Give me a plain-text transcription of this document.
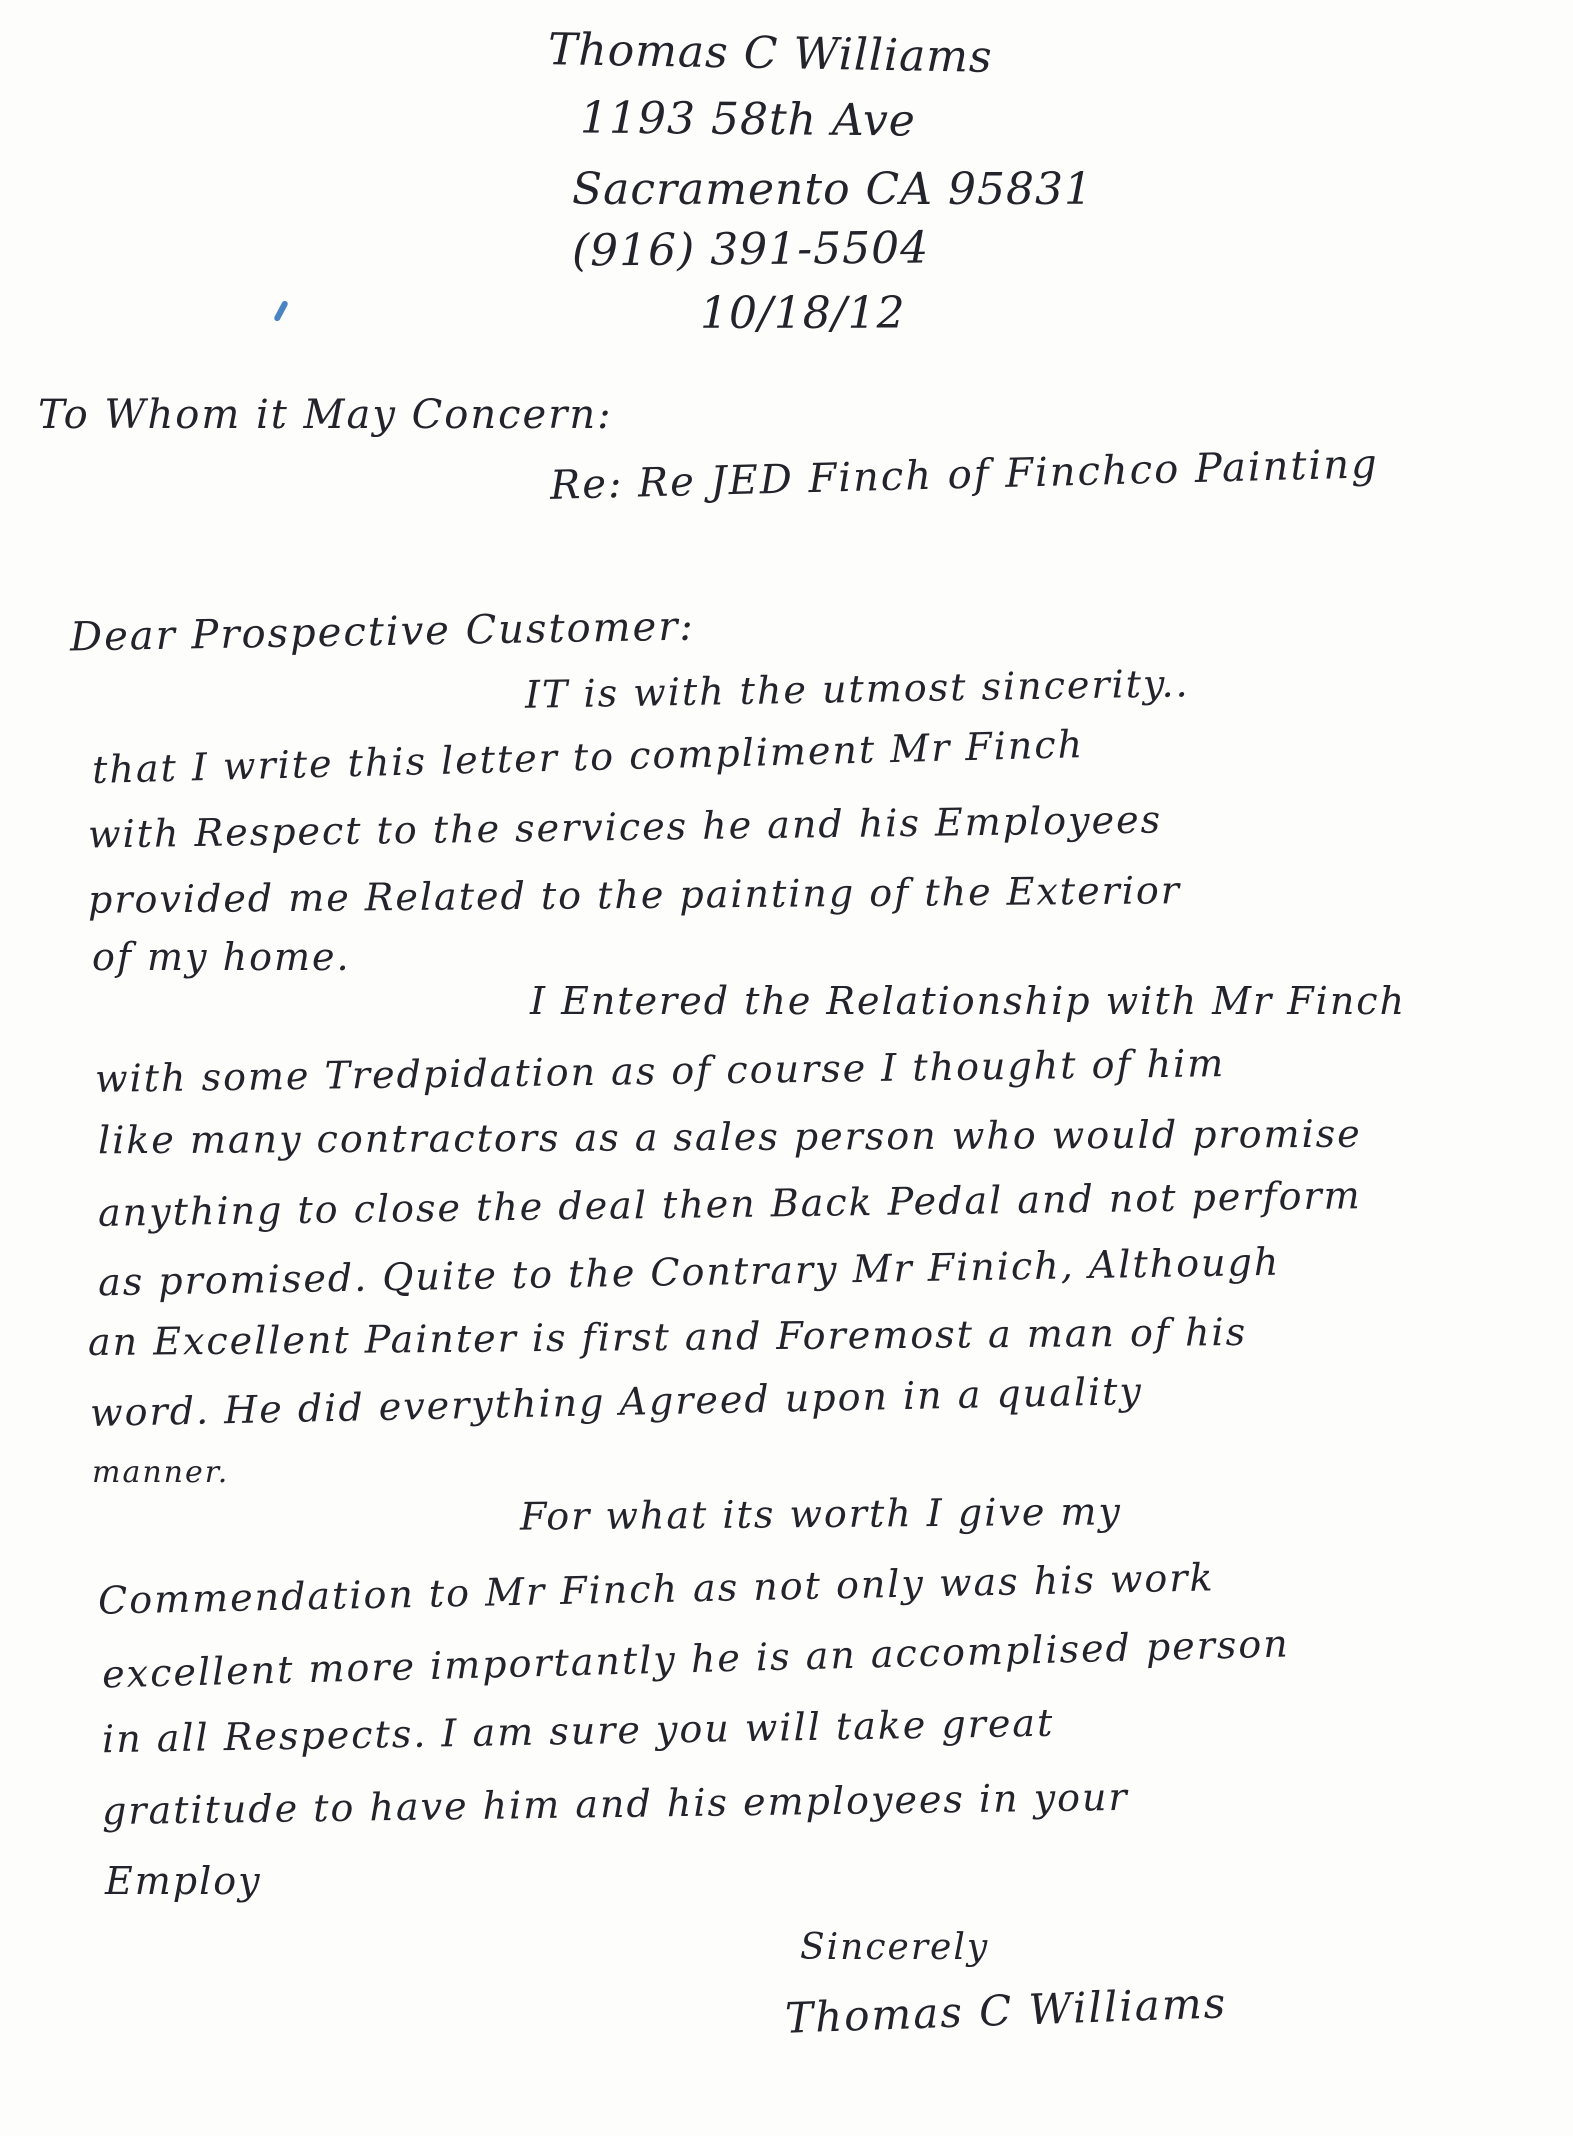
Thomas C Williams
1193 58th Ave
Sacramento CA 95831
(916) 391-5504
10/18/12
To Whom it May Concern:
Re: Re JED Finch of Finchco Painting
Dear Prospective Customer:
IT is with the utmost sincerity..
that I write this letter to compliment Mr Finch
with Respect to the services he and his Employees
provided me Related to the painting of the Exterior
of my home.
I Entered the Relationship with Mr Finch
with some Tredpidation as of course I thought of him
like many contractors as a sales person who would promise
anything to close the deal then Back Pedal and not perform
as promised. Quite to the Contrary Mr Finich, Although
an Excellent Painter is first and Foremost a man of his
word. He did everything Agreed upon in a quality
manner.
For what its worth I give my
Commendation to Mr Finch as not only was his work
excellent more importantly he is an accomplised person
in all Respects. I am sure you will take great
gratitude to have him and his employees in your
Employ
Sincerely
Thomas C Williams
